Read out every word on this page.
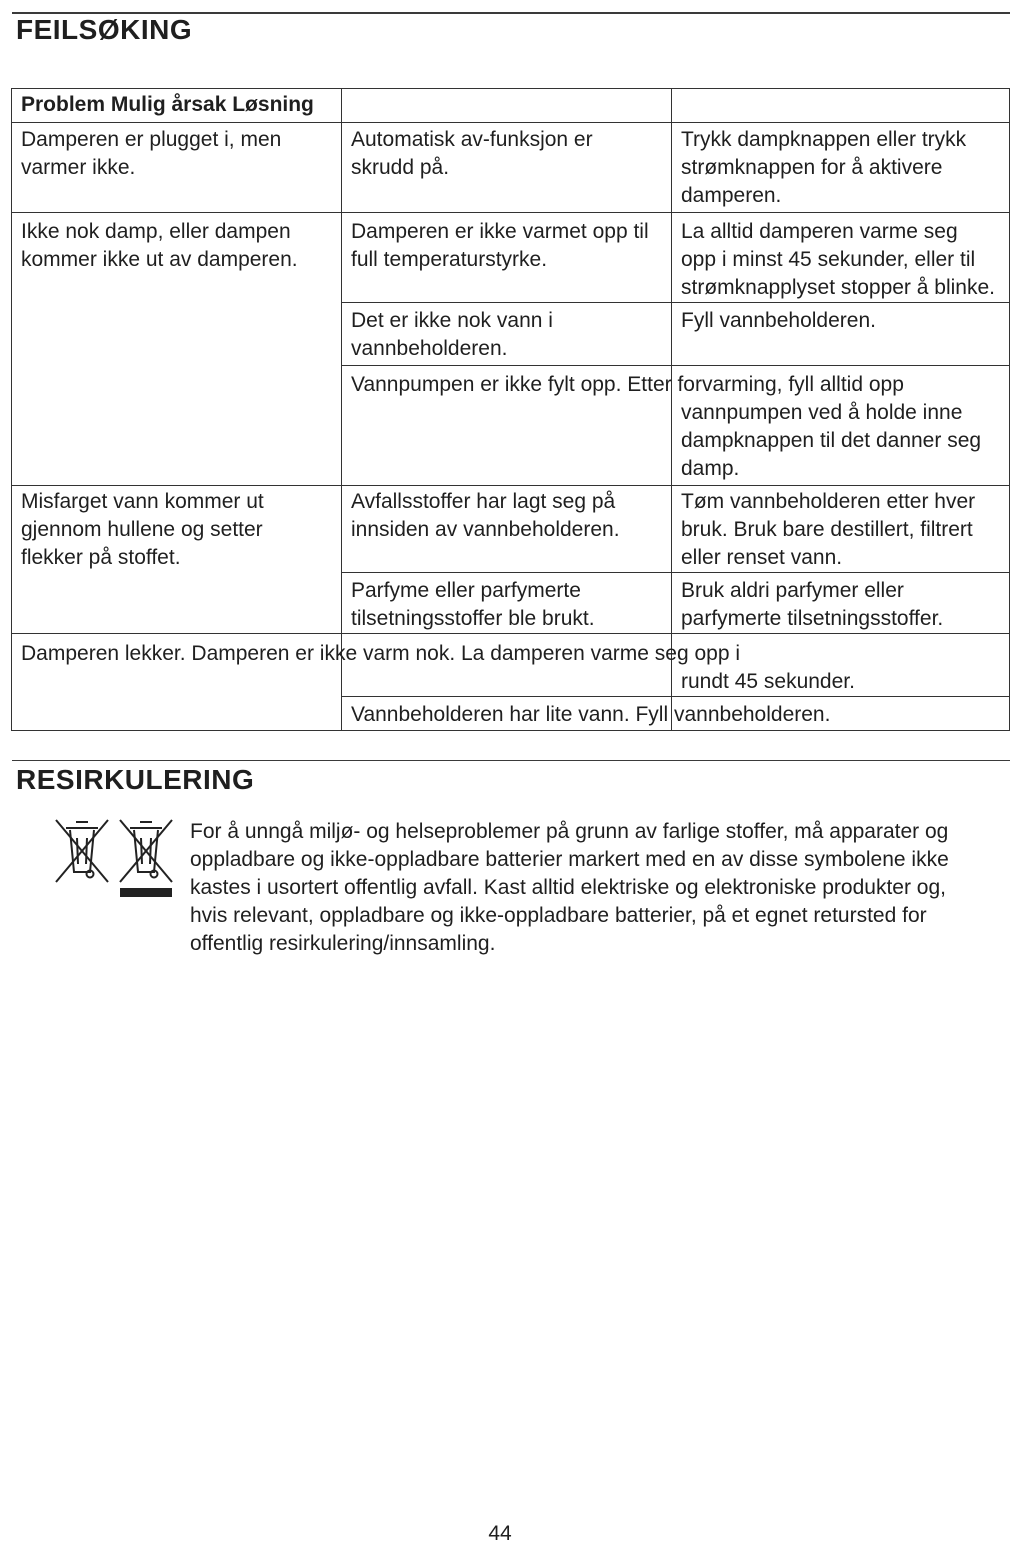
FEILSØKING
Problem Mulig årsak Løsning
Damperen er plugget i, men
varmer ikke.
Automatisk av-funksjon er
skrudd på.
Trykk dampknappen eller trykk
strømknappen for å aktivere
damperen.
Ikke nok damp, eller dampen
kommer ikke ut av damperen.
Damperen er ikke varmet opp til
full temperaturstyrke.
La alltid damperen varme seg
opp i minst 45 sekunder, eller til
strømknapplyset stopper å blinke.
Det er ikke nok vann i
vannbeholderen.
Fyll vannbeholderen.
Vannpumpen er ikke fylt opp. Etter forvarming, fyll alltid opp
vannpumpen ved å holde inne
dampknappen til det danner seg
damp.
Misfarget vann kommer ut
gjennom hullene og setter
flekker på stoffet.
Avfallsstoffer har lagt seg på
innsiden av vannbeholderen.
Tøm vannbeholderen etter hver
bruk. Bruk bare destillert, filtrert
eller renset vann.
Parfyme eller parfymerte
tilsetningsstoffer ble brukt.
Bruk aldri parfymer eller
parfymerte tilsetningsstoffer.
Damperen lekker. Damperen er ikke varm nok. La damperen varme seg opp i
rundt 45 sekunder.
Vannbeholderen har lite vann. Fyll vannbeholderen.
RESIRKULERING
For å unngå miljø- og helseproblemer på grunn av farlige stoffer, må apparater og
oppladbare og ikke-oppladbare batterier markert med en av disse symbolene ikke
kastes i usortert offentlig avfall. Kast alltid elektriske og elektroniske produkter og,
hvis relevant, oppladbare og ikke-oppladbare batterier, på et egnet retursted for
offentlig resirkulering/innsamling.
44
